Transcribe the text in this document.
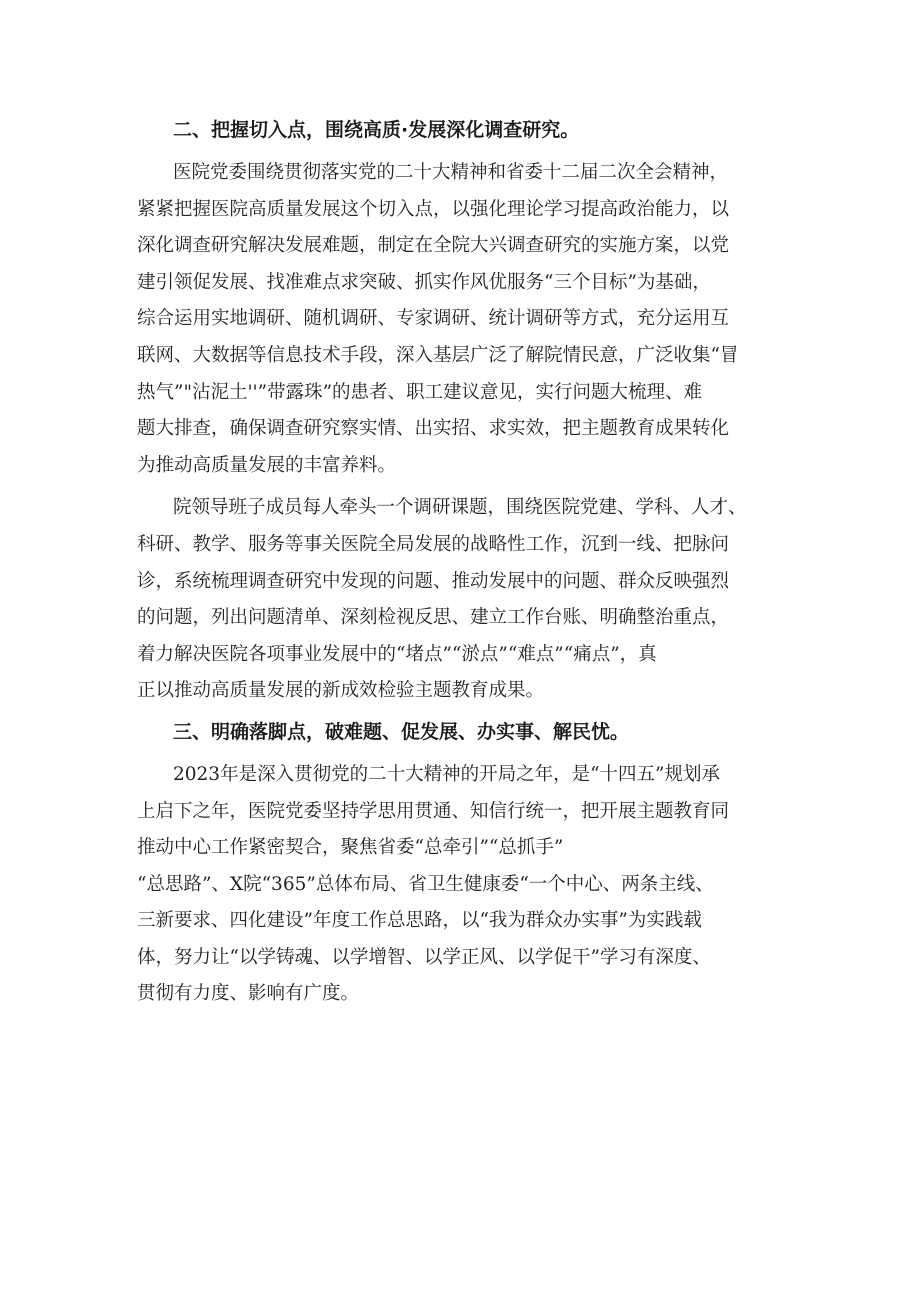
二、把握切入点，围绕高质·发展深化调查研究。

医院党委围绕贯彻落实党的二十大精神和省委十二届二次全会精神，
紧紧把握医院高质量发展这个切入点，以强化理论学习提高政治能力，以
深化调查研究解决发展难题，制定在全院大兴调查研究的实施方案，以党
建引领促发展、找准难点求突破、抓实作风优服务“三个目标”为基础，
综合运用实地调研、随机调研、专家调研、统计调研等方式，充分运用互
联网、大数据等信息技术手段，深入基层广泛了解院情民意，广泛收集“冒
热气”"沾泥土''”带露珠”的患者、职工建议意见，实行问题大梳理、难
题大排查，确保调查研究察实情、出实招、求实效，把主题教育成果转化
为推动高质量发展的丰富养料。

院领导班子成员每人牵头一个调研课题，围绕医院党建、学科、人才、
科研、教学、服务等事关医院全局发展的战略性工作，沉到一线、把脉问
诊，系统梳理调查研究中发现的问题、推动发展中的问题、群众反映强烈
的问题，列出问题清单、深刻检视反思、建立工作台账、明确整治重点，
着力解决医院各项事业发展中的“堵点”“淤点”“难点”“痛点”，真
正以推动高质量发展的新成效检验主题教育成果。

三、明确落脚点，破难题、促发展、办实事、解民忧。

2023年是深入贯彻党的二十大精神的开局之年，是“十四五”规划承
上启下之年，医院党委坚持学思用贯通、知信行统一，把开展主题教育同
推动中心工作紧密契合，聚焦省委“总牵引”“总抓手”
“总思路”、X院“365”总体布局、省卫生健康委“一个中心、两条主线、
三新要求、四化建设”年度工作总思路，以“我为群众办实事”为实践载
体，努力让“以学铸魂、以学增智、以学正风、以学促干”学习有深度、
贯彻有力度、影响有广度。
